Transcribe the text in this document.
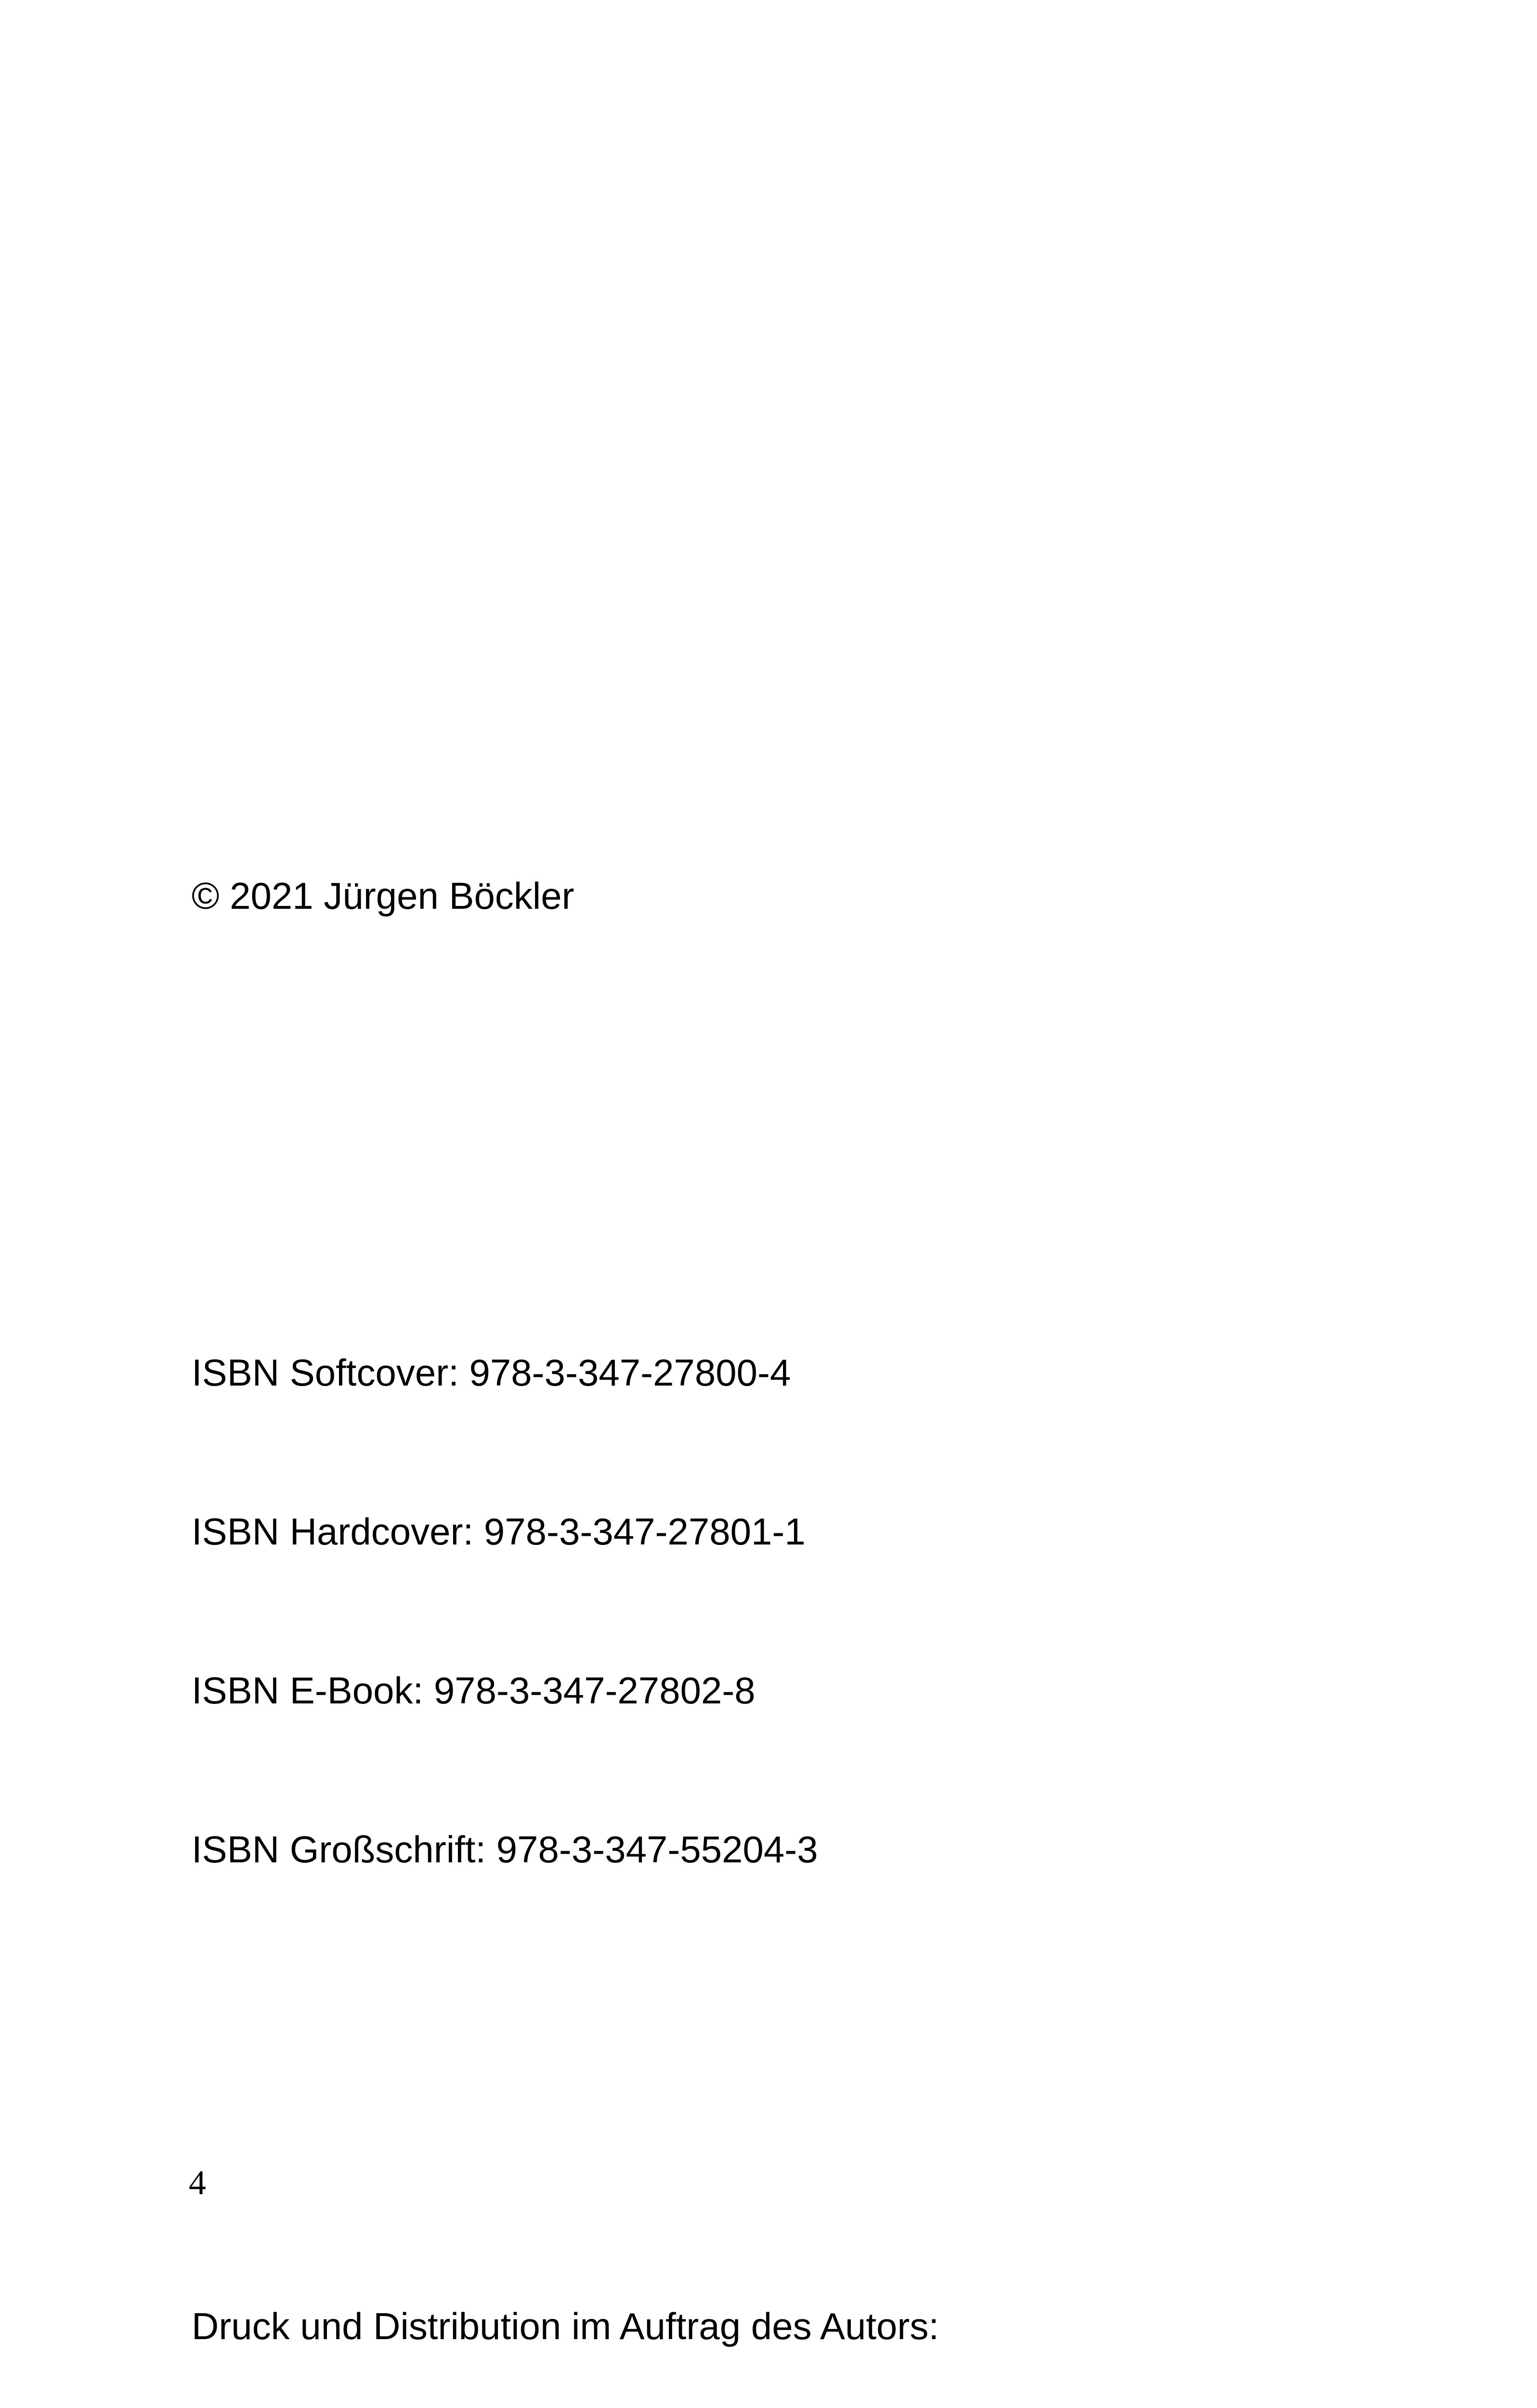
© 2021 Jürgen Böckler

ISBN Softcover: 978-3-347-27800-4

ISBN Hardcover: 978-3-347-27801-1

ISBN E-Book: 978-3-347-27802-8

ISBN Großschrift: 978-3-347-55204-3

Druck und Distribution im Auftrag des Autors:

4
